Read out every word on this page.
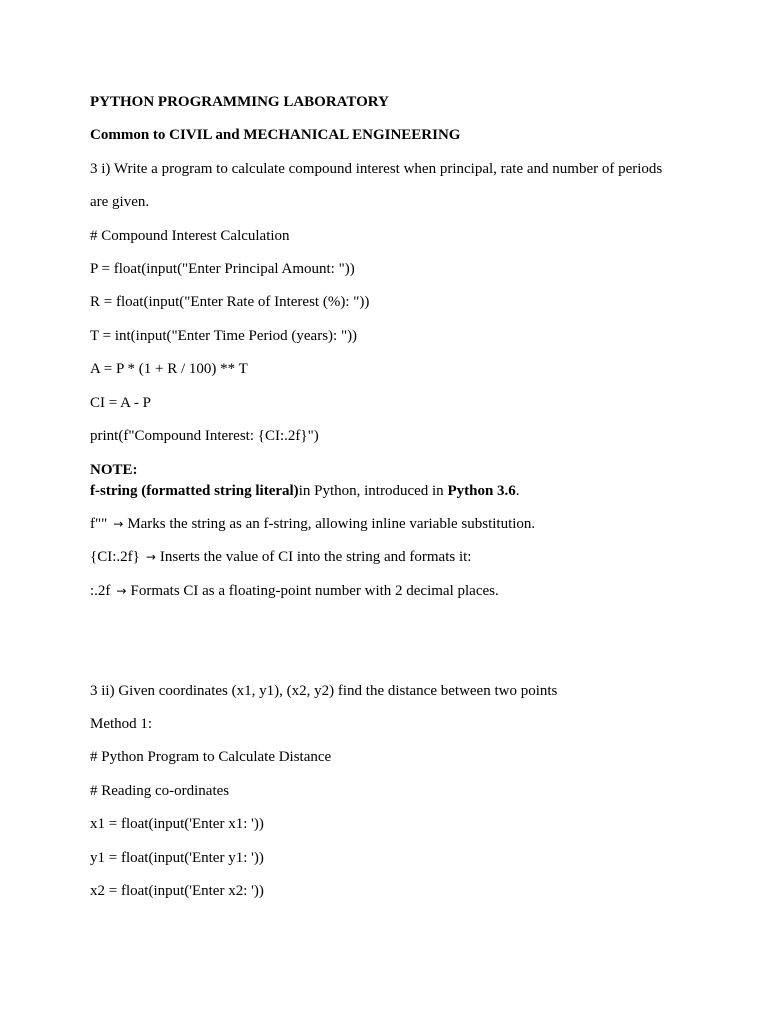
PYTHON PROGRAMMING LABORATORY
Common to CIVIL and MECHANICAL ENGINEERING
3 i) Write a program to calculate compound interest when principal, rate and number of periods
are given.
# Compound Interest Calculation
P = float(input("Enter Principal Amount: "))
R = float(input("Enter Rate of Interest (%): "))
T = int(input("Enter Time Period (years): "))
A = P * (1 + R / 100) ** T
CI = A - P
print(f"Compound Interest: {CI:.2f}")
NOTE:
f-string (formatted string literal)in Python, introduced in Python 3.6.
f"" → Marks the string as an f-string, allowing inline variable substitution.
{CI:.2f} → Inserts the value of CI into the string and formats it:
:.2f → Formats CI as a floating-point number with 2 decimal places.
3 ii) Given coordinates (x1, y1), (x2, y2) find the distance between two points
Method 1:
# Python Program to Calculate Distance
# Reading co-ordinates
x1 = float(input('Enter x1: '))
y1 = float(input('Enter y1: '))
x2 = float(input('Enter x2: '))
